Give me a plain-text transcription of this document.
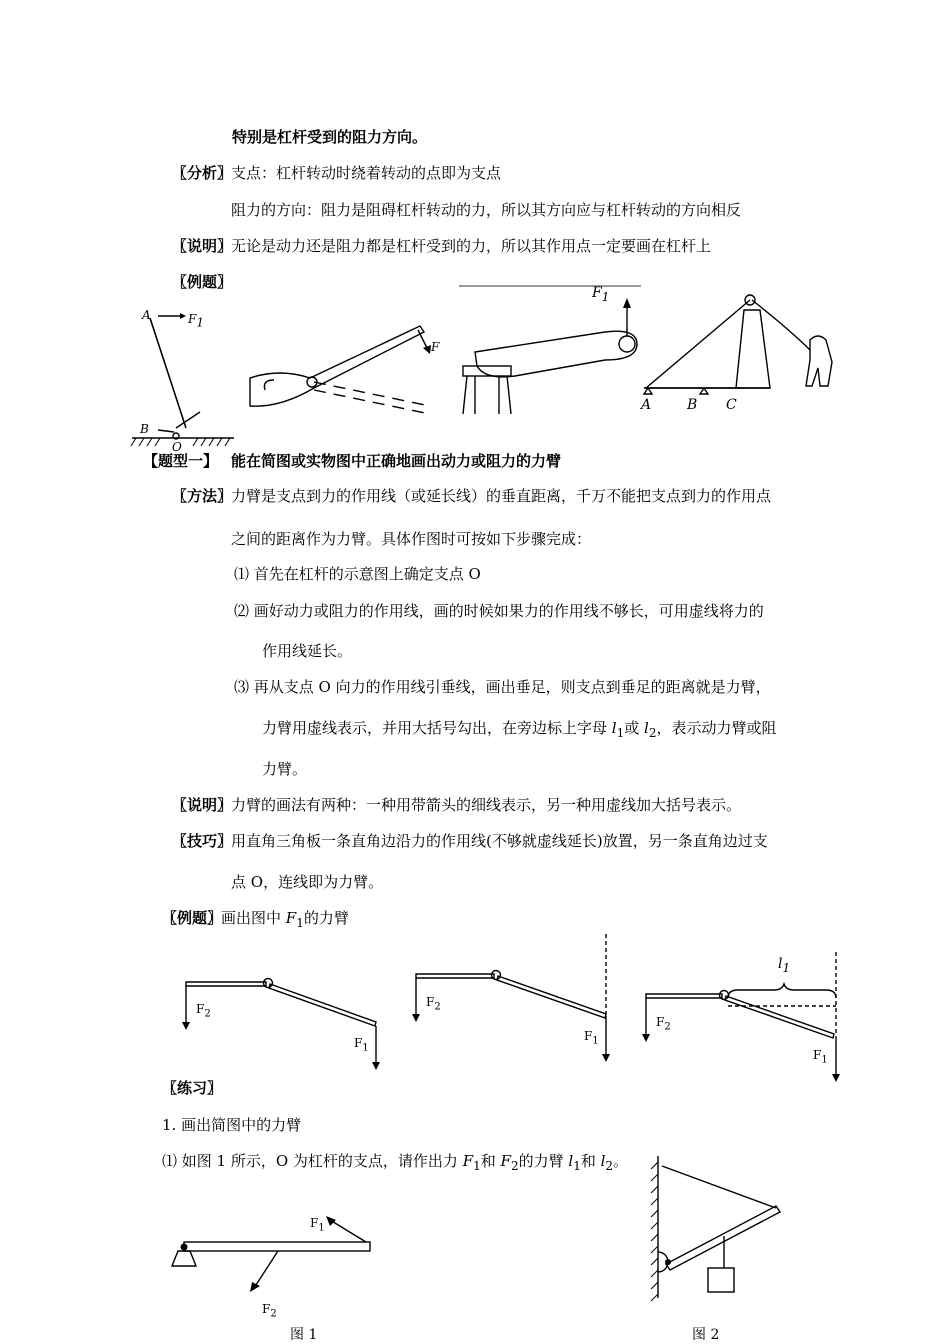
特别是杠杆受到的阻力方向。
〖分析〗
支点：杠杆转动时绕着转动的点即为支点
阻力的方向：阻力是阻碍杠杆转动的力，所以其方向应与杠杆转动的方向相反
〖说明〗
无论是动力还是阻力都是杠杆受到的力，所以其作用点一定要画在杠杆上
〖例题〗
A	$F_1$
B
O
F
$F_1$
A	B C
【题型一】 能在简图或实物图中正确地画出动力或阻力的力臂
〖方法〗
力臂是支点到力的作用线（或延长线）的垂直距离，千万不能把支点到力的作用点
之间的距离作为力臂。具体作图时可按如下步骤完成：
⑴ 首先在杠杆的示意图上确定支点 O
⑵ 画好动力或阻力的作用线，画的时候如果力的作用线不够长，可用虚线将力的
作用线延长。
⑶ 再从支点 O 向力的作用线引垂线，画出垂足，则支点到垂足的距离就是力臂，
力臂用虚线表示，并用大括号勾出，在旁边标上字母 $l_1$或 $l_2$，表示动力臂或阻
力臂。
〖说明〗
力臂的画法有两种：一种用带箭头的细线表示，另一种用虚线加大括号表示。
〖技巧〗
用直角三角板一条直角边沿力的作用线(不够就虚线延长)放置，另一条直角边过支
点 O，连线即为力臂。
〖例题〗
画出图中 $F_1$的力臂
$F_2$
$F_1$
$F_2$
$F_1$
$l_1$
$F_2$
$F_1$
〖练习〗
1. 画出简图中的力臂
⑴ 如图 1 所示，O 为杠杆的支点，请作出力 $F_1$和 $F_2$的力臂 $l_1$和 $l_2$。
$F_1$
$F_2$
图 1	图 2
